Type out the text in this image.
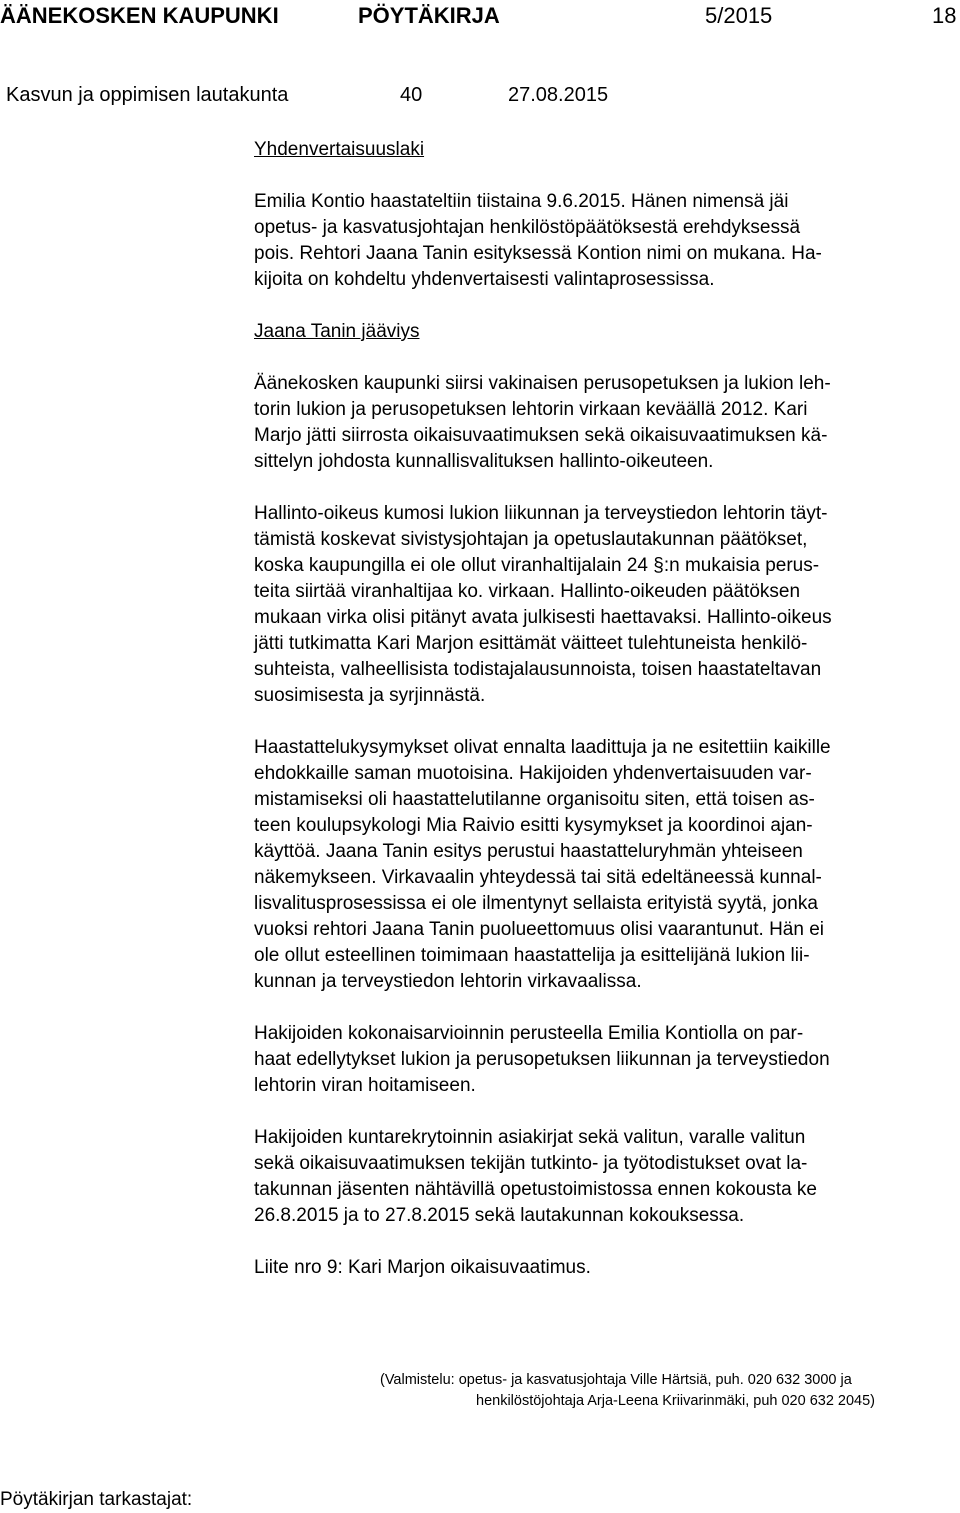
ÄÄNEKOSKEN KAUPUNKI	PÖYTÄKIRJA	5/2015	18
Kasvun ja oppimisen lautakunta	40	27.08.2015

Yhdenvertaisuuslaki

Emilia Kontio haastateltiin tiistaina 9.6.2015. Hänen nimensä jäi
opetus- ja kasvatusjohtajan henkilöstöpäätöksestä erehdyksessä
pois. Rehtori Jaana Tanin esityksessä Kontion nimi on mukana. Ha-
kijoita on kohdeltu yhdenvertaisesti valintaprosessissa.

Jaana Tanin jääviys

Äänekosken kaupunki siirsi vakinaisen perusopetuksen ja lukion leh-
torin lukion ja perusopetuksen lehtorin virkaan keväällä 2012. Kari
Marjo jätti siirrosta oikaisuvaatimuksen sekä oikaisuvaatimuksen kä-
sittelyn johdosta kunnallisvalituksen hallinto-oikeuteen.

Hallinto-oikeus kumosi lukion liikunnan ja terveystiedon lehtorin täyt-
tämistä koskevat sivistysjohtajan ja opetuslautakunnan päätökset,
koska kaupungilla ei ole ollut viranhaltijalain 24 §:n mukaisia perus-
teita siirtää viranhaltijaa ko. virkaan. Hallinto-oikeuden päätöksen
mukaan virka olisi pitänyt avata julkisesti haettavaksi. Hallinto-oikeus
jätti tutkimatta Kari Marjon esittämät väitteet tulehtuneista henkilö-
suhteista, valheellisista todistajalausunnoista, toisen haastateltavan
suosimisesta ja syrjinnästä.

Haastattelukysymykset olivat ennalta laadittuja ja ne esitettiin kaikille
ehdokkaille saman muotoisina. Hakijoiden yhdenvertaisuuden var-
mistamiseksi oli haastattelutilanne organisoitu siten, että toisen as-
teen koulupsykologi Mia Raivio esitti kysymykset ja koordinoi ajan-
käyttöä. Jaana Tanin esitys perustui haastatteluryhmän yhteiseen
näkemykseen. Virkavaalin yhteydessä tai sitä edeltäneessä kunnal-
lisvalitusprosessissa ei ole ilmentynyt sellaista erityistä syytä, jonka
vuoksi rehtori Jaana Tanin puolueettomuus olisi vaarantunut. Hän ei
ole ollut esteellinen toimimaan haastattelija ja esittelijänä lukion lii-
kunnan ja terveystiedon lehtorin virkavaalissa.

Hakijoiden kokonaisarvioinnin perusteella Emilia Kontiolla on par-
haat edellytykset lukion ja perusopetuksen liikunnan ja terveystiedon
lehtorin viran hoitamiseen.

Hakijoiden kuntarekrytoinnin asiakirjat sekä valitun, varalle valitun
sekä oikaisuvaatimuksen tekijän tutkinto- ja työtodistukset ovat la-
takunnan jäsenten nähtävillä opetustoimistossa ennen kokousta ke
26.8.2015 ja to 27.8.2015 sekä lautakunnan kokouksessa.

Liite nro 9: Kari Marjon oikaisuvaatimus.

(Valmistelu: opetus- ja kasvatusjohtaja Ville Härtsiä, puh. 020 632 3000 ja

henkilöstöjohtaja Arja-Leena Kriivarinmäki, puh 020 632 2045)

Pöytäkirjan tarkastajat:
